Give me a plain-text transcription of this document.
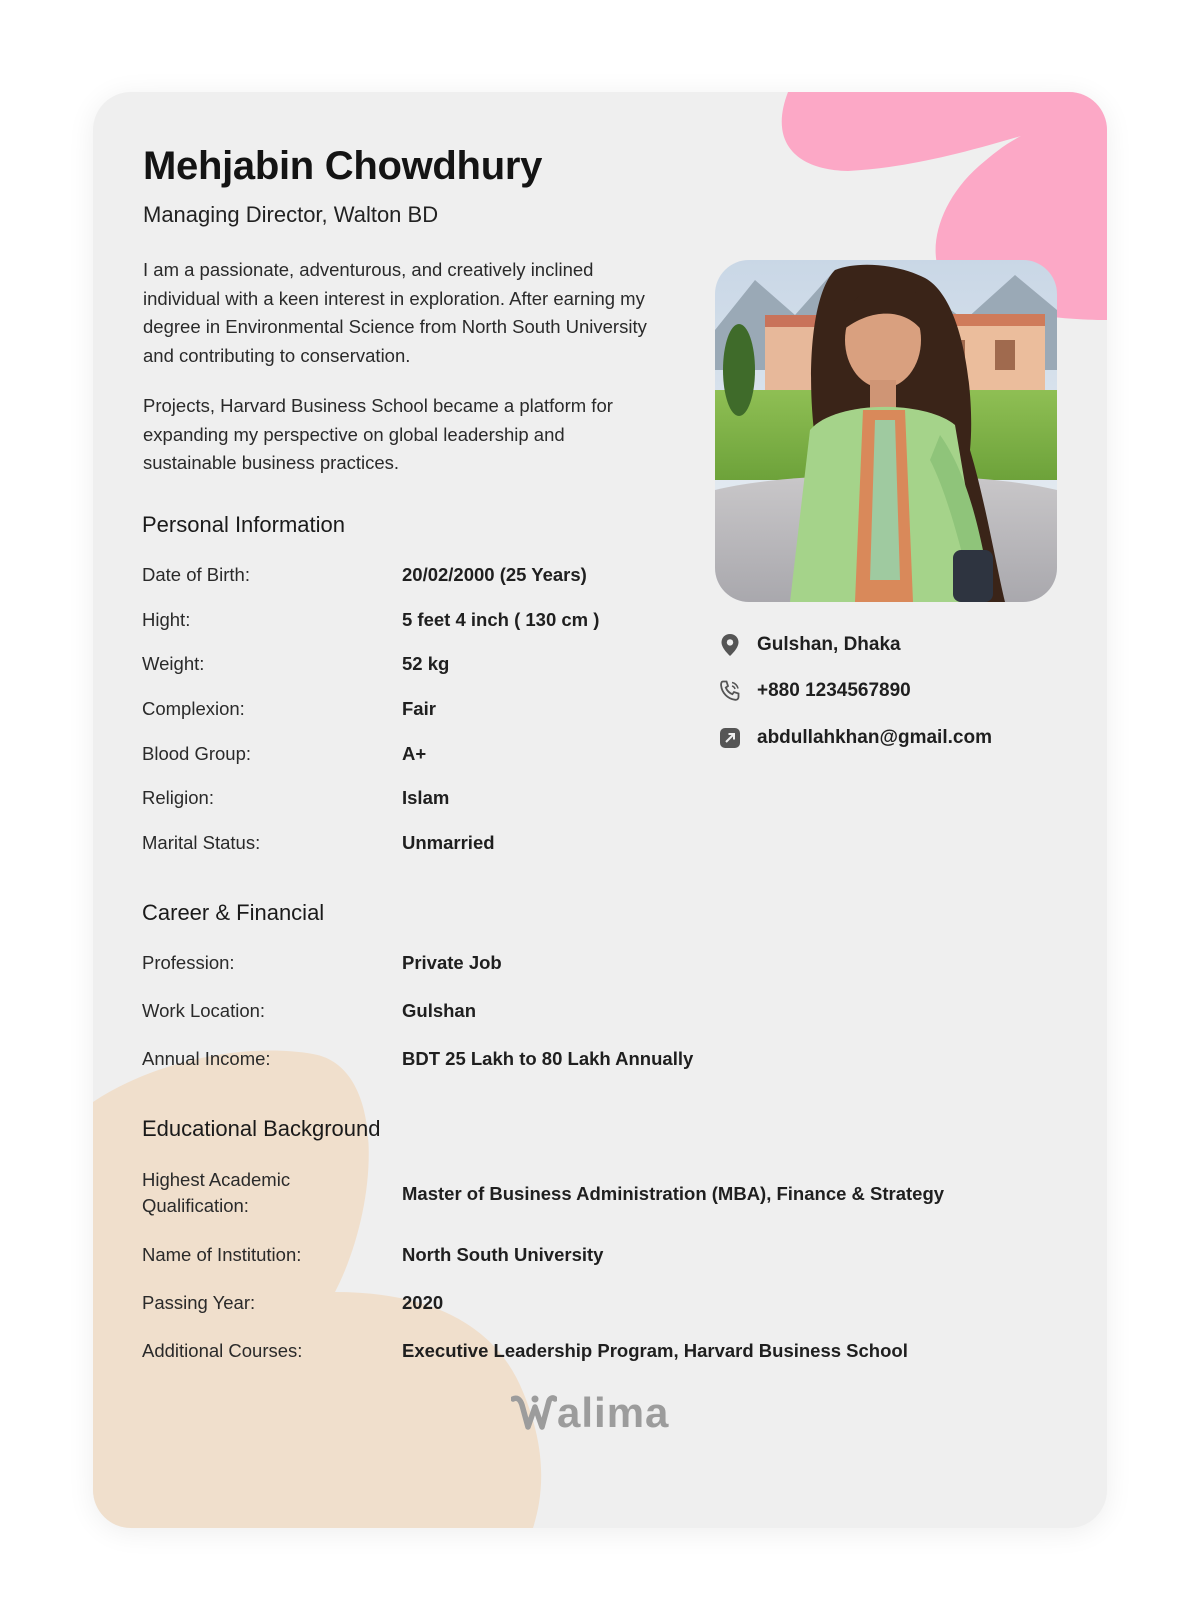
Mehjabin Chowdhury
Managing Director, Walton BD

I am a passionate, adventurous, and creatively inclined individual with a keen interest in exploration. After earning my degree in Environmental Science from North South University and contributing to conservation.

Projects, Harvard Business School became a platform for expanding my perspective on global leadership and sustainable business practices.

Gulshan, Dhaka
+880 1234567890
abdullahkhan@gmail.com
Personal Information
Date of Birth:	20/02/2000 (25 Years)
Hight:	5 feet 4 inch ( 130 cm )
Weight:	52 kg
Complexion:	Fair
Blood Group:	A+
Religion:	Islam
Marital Status:	Unmarried
Career & Financial
Profession:	Private Job
Work Location:	Gulshan
Annual Income:	BDT 25 Lakh to 80 Lakh Annually
Educational Background
Highest Academic Qualification:
Master of Business Administration (MBA), Finance & Strategy
Name of Institution:	North South University
Passing Year:	2020
Additional Courses:	Executive Leadership Program, Harvard Business School
alima
